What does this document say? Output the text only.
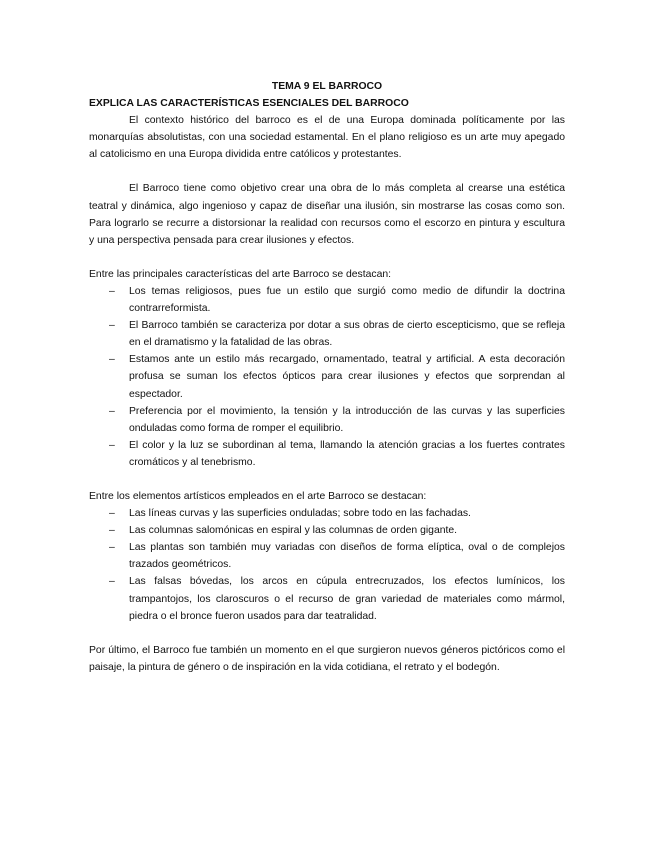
TEMA 9 EL BARROCO

EXPLICA LAS CARACTERÍSTICAS ESENCIALES DEL BARROCO

El contexto histórico del barroco es el de una Europa dominada políticamente por las monarquías absolutistas, con una sociedad estamental. En el plano religioso es un arte muy apegado al catolicismo en una Europa dividida entre católicos y protestantes.

El Barroco tiene como objetivo crear una obra de lo más completa al crearse una estética teatral y dinámica, algo ingenioso y capaz de diseñar una ilusión, sin mostrarse las cosas como son. Para lograrlo se recurre a distorsionar la realidad con recursos como el escorzo en pintura y escultura y una perspectiva pensada para crear ilusiones y efectos.

Entre las principales características del arte Barroco se destacan:

– Los temas religiosos, pues fue un estilo que surgió como medio de difundir la doctrina contrarreformista.
– El Barroco también se caracteriza por dotar a sus obras de cierto escepticismo, que se refleja en el dramatismo y la fatalidad de las obras.
– Estamos ante un estilo más recargado, ornamentado, teatral y artificial. A esta decoración profusa se suman los efectos ópticos para crear ilusiones y efectos que sorprendan al espectador.
– Preferencia por el movimiento, la tensión y la introducción de las curvas y las superficies onduladas como forma de romper el equilibrio.
– El color y la luz se subordinan al tema, llamando la atención gracias a los fuertes contrates cromáticos y al tenebrismo.

Entre los elementos artísticos empleados en el arte Barroco se destacan:

– Las líneas curvas y las superficies onduladas; sobre todo en las fachadas.
– Las columnas salomónicas en espiral y las columnas de orden gigante.
– Las plantas son también muy variadas con diseños de forma elíptica, oval o de complejos trazados geométricos.
– Las falsas bóvedas, los arcos en cúpula entrecruzados, los efectos lumínicos, los trampantojos, los claroscuros o el recurso de gran variedad de materiales como mármol, piedra o el bronce fueron usados para dar teatralidad.

Por último, el Barroco fue también un momento en el que surgieron nuevos géneros pictóricos como el paisaje, la pintura de género o de inspiración en la vida cotidiana, el retrato y el bodegón.
